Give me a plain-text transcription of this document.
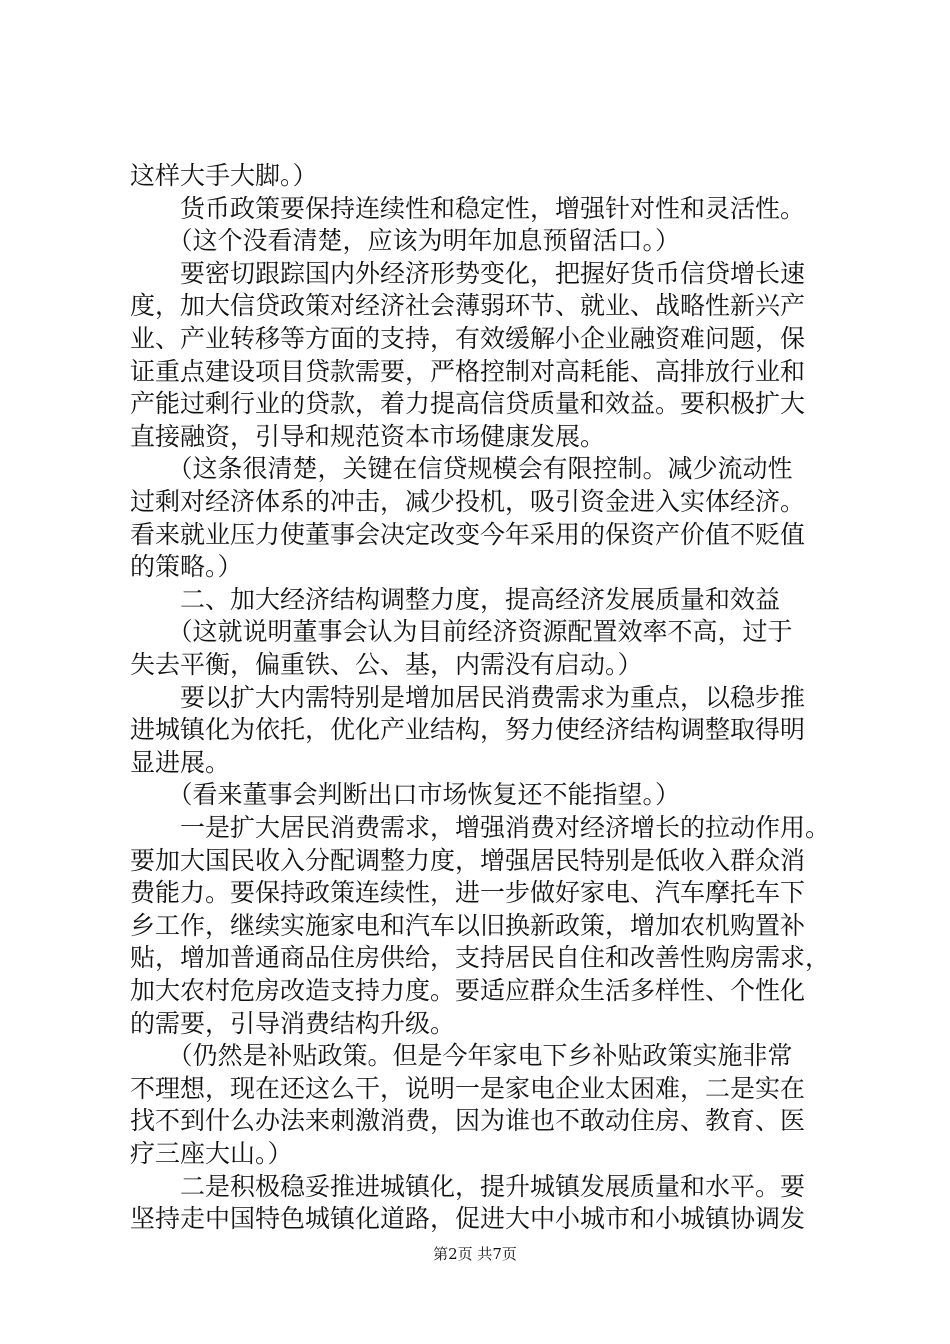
这样大手大脚。）
　　货币政策要保持连续性和稳定性，增强针对性和灵活性。
　　（这个没看清楚，应该为明年加息预留活口。）
　　要密切跟踪国内外经济形势变化，把握好货币信贷增长速
度，加大信贷政策对经济社会薄弱环节、就业、战略性新兴产
业、产业转移等方面的支持，有效缓解小企业融资难问题，保
证重点建设项目贷款需要，严格控制对高耗能、高排放行业和
产能过剩行业的贷款，着力提高信贷质量和效益。要积极扩大
直接融资，引导和规范资本市场健康发展。
　　（这条很清楚，关键在信贷规模会有限控制。减少流动性
过剩对经济体系的冲击，减少投机，吸引资金进入实体经济。
看来就业压力使董事会决定改变今年采用的保资产价值不贬值
的策略。）
　　二、加大经济结构调整力度，提高经济发展质量和效益
　　（这就说明董事会认为目前经济资源配置效率不高，过于
失去平衡，偏重铁、公、基，内需没有启动。）
　　要以扩大内需特别是增加居民消费需求为重点，以稳步推
进城镇化为依托，优化产业结构，努力使经济结构调整取得明
显进展。
　　（看来董事会判断出口市场恢复还不能指望。）
　　一是扩大居民消费需求，增强消费对经济增长的拉动作用。
要加大国民收入分配调整力度，增强居民特别是低收入群众消
费能力。要保持政策连续性，进一步做好家电、汽车摩托车下
乡工作，继续实施家电和汽车以旧换新政策，增加农机购置补
贴，增加普通商品住房供给，支持居民自住和改善性购房需求，
加大农村危房改造支持力度。要适应群众生活多样性、个性化
的需要，引导消费结构升级。
　　（仍然是补贴政策。但是今年家电下乡补贴政策实施非常
不理想，现在还这么干，说明一是家电企业太困难，二是实在
找不到什么办法来刺激消费，因为谁也不敢动住房、教育、医
疗三座大山。）
　　二是积极稳妥推进城镇化，提升城镇发展质量和水平。要
坚持走中国特色城镇化道路，促进大中小城市和小城镇协调发
第2页 共7页
